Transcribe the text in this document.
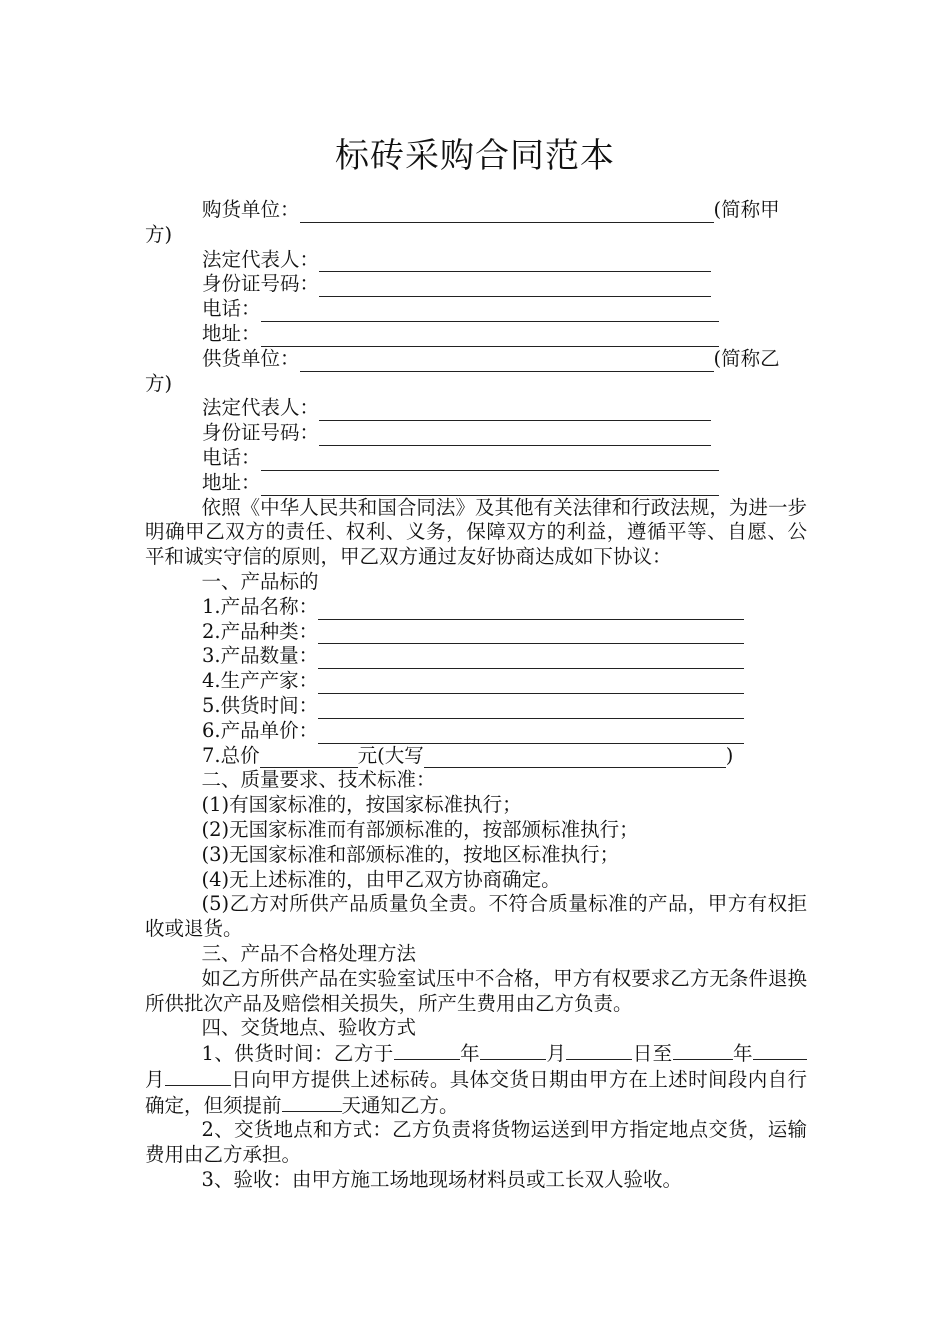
标砖采购合同范本
购货单位：	(简称甲
方)
法定代表人：
身份证号码：
电话：
地址：
供货单位：	(简称乙
方)
法定代表人：
身份证号码：
电话：
地址：
依照《中华人民共和国合同法》及其他有关法律和行政法规，为进一步明确甲乙双方的责任、权利、义务，保障双方的利益，遵循平等、自愿、公平和诚实守信的原则，甲乙双方通过友好协商达成如下协议：
一、产品标的
1.产品名称：
2.产品种类：
3.产品数量：
4.生产产家：
5.供货时间：
6.产品单价：
7.总价	元(大写	)
二、质量要求、技术标准：
(1)有国家标准的，按国家标准执行；
(2)无国家标准而有部颁标准的，按部颁标准执行；
(3)无国家标准和部颁标准的，按地区标准执行；
(4)无上述标准的，由甲乙双方协商确定。
(5)乙方对所供产品质量负全责。不符合质量标准的产品，甲方有权拒收或退货。
三、产品不合格处理方法
如乙方所供产品在实验室试压中不合格，甲方有权要求乙方无条件退换所供批次产品及赔偿相关损失，所产生费用由乙方负责。
四、交货地点、验收方式
1、供货时间：乙方于	年	月	日至	年月	日向甲方提供上述标砖。具体交货日期由甲方在上述时间段内自行确定，但须提前	天通知乙方。
2、交货地点和方式：乙方负责将货物运送到甲方指定地点交货，运输费用由乙方承担。
3、验收：由甲方施工场地现场材料员或工长双人验收。
